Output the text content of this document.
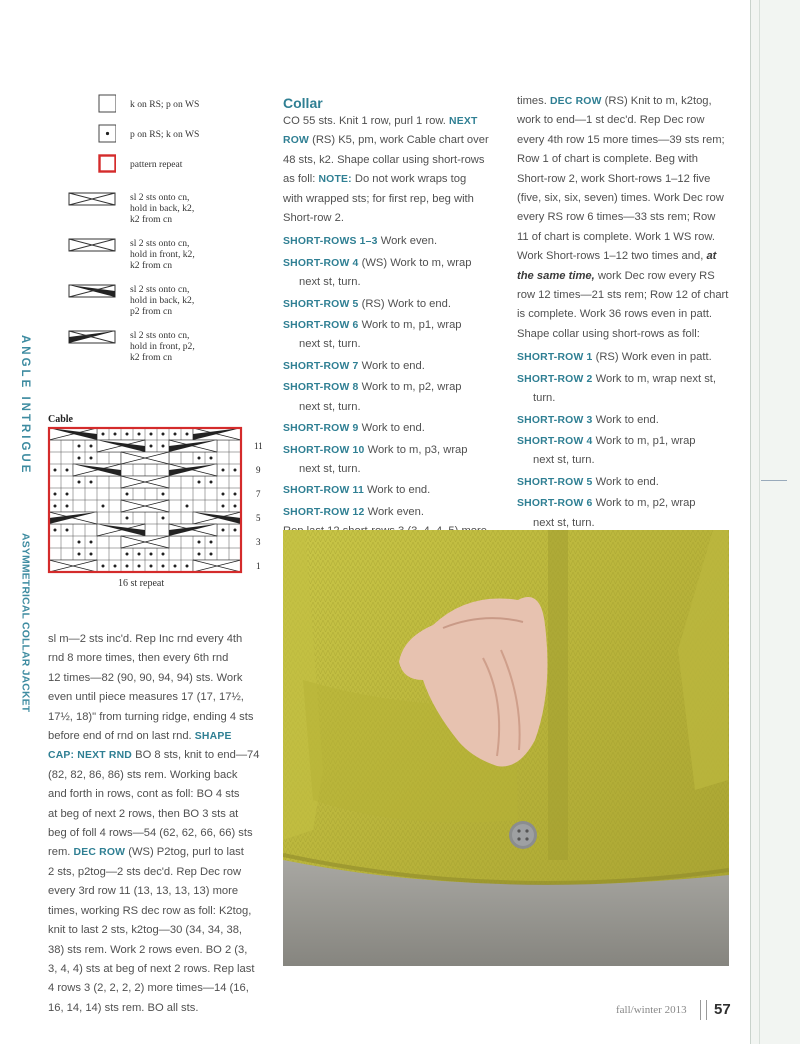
ANGLE INTRIGUE
ASYMMETRICAL COLLAR JACKET
k on RS; p on WS
p on RS; k on WS
pattern repeat
sl 2 sts onto cn,
hold in back, k2,
k2 from cn
sl 2 sts onto cn,
hold in front, k2,
k2 from cn
sl 2 sts onto cn,
hold in back, k2,
p2 from cn
sl 2 sts onto cn,
hold in front, p2,
k2 from cn
Cable
11
9
7
5
3
1
16 st repeat
sl m—2 sts inc'd. Rep Inc rnd every 4th
rnd 8 more times, then every 6th rnd
12 times—82 (90, 90, 94, 94) sts. Work
even until piece measures 17 (17, 17½,
17½, 18)" from turning ridge, ending 4 sts
before end of rnd on last rnd. SHAPE
CAP: NEXT RND BO 8 sts, knit to end—74
(82, 82, 86, 86) sts rem. Working back
and forth in rows, cont as foll: BO 4 sts
at beg of next 2 rows, then BO 3 sts at
beg of foll 4 rows—54 (62, 62, 66, 66) sts
rem. DEC ROW (WS) P2tog, purl to last
2 sts, p2tog—2 sts dec'd. Rep Dec row
every 3rd row 11 (13, 13, 13, 13) more
times, working RS dec row as foll: K2tog,
knit to last 2 sts, k2tog—30 (34, 34, 38,
38) sts rem. Work 2 rows even. BO 2 (3,
3, 4, 4) sts at beg of next 2 rows. Rep last
4 rows 3 (2, 2, 2, 2) more times—14 (16,
16, 14, 14) sts rem. BO all sts.
Collar
CO 55 sts. Knit 1 row, purl 1 row. NEXT
ROW (RS) K5, pm, work Cable chart over
48 sts, k2. Shape collar using short-rows
as foll: NOTE: Do not work wraps tog
with wrapped sts; for first rep, beg with
Short-row 2.
SHORT-ROWS 1–3 Work even.
SHORT-ROW 4 (WS) Work to m, wrap
next st, turn.
SHORT-ROW 5 (RS) Work to end.
SHORT-ROW 6 Work to m, p1, wrap
next st, turn.
SHORT-ROW 7 Work to end.
SHORT-ROW 8 Work to m, p2, wrap
next st, turn.
SHORT-ROW 9 Work to end.
SHORT-ROW 10 Work to m, p3, wrap
next st, turn.
SHORT-ROW 11 Work to end.
SHORT-ROW 12 Work even.
times. DEC ROW (RS) Knit to m, k2tog,
work to end—1 st dec'd. Rep Dec row
every 4th row 15 more times—39 sts rem;
Row 1 of chart is complete. Beg with
Short-row 2, work Short-rows 1–12 five
(five, six, six, seven) times. Work Dec row
every RS row 6 times—33 sts rem; Row
11 of chart is complete. Work 1 WS row.
Work Short-rows 1–12 two times and, at
the same time, work Dec row every RS
row 12 times—21 sts rem; Row 12 of chart
is complete. Work 36 rows even in patt.
Shape collar using short-rows as foll:
SHORT-ROW 1 (RS) Work even in patt.
SHORT-ROW 2 Work to m, wrap next st,
turn.
SHORT-ROW 3 Work to end.
SHORT-ROW 4 Work to m, p1, wrap
next st, turn.
SHORT-ROW 5 Work to end.
SHORT-ROW 6 Work to m, p2, wrap
next st, turn.
fall/winter 2013 57
